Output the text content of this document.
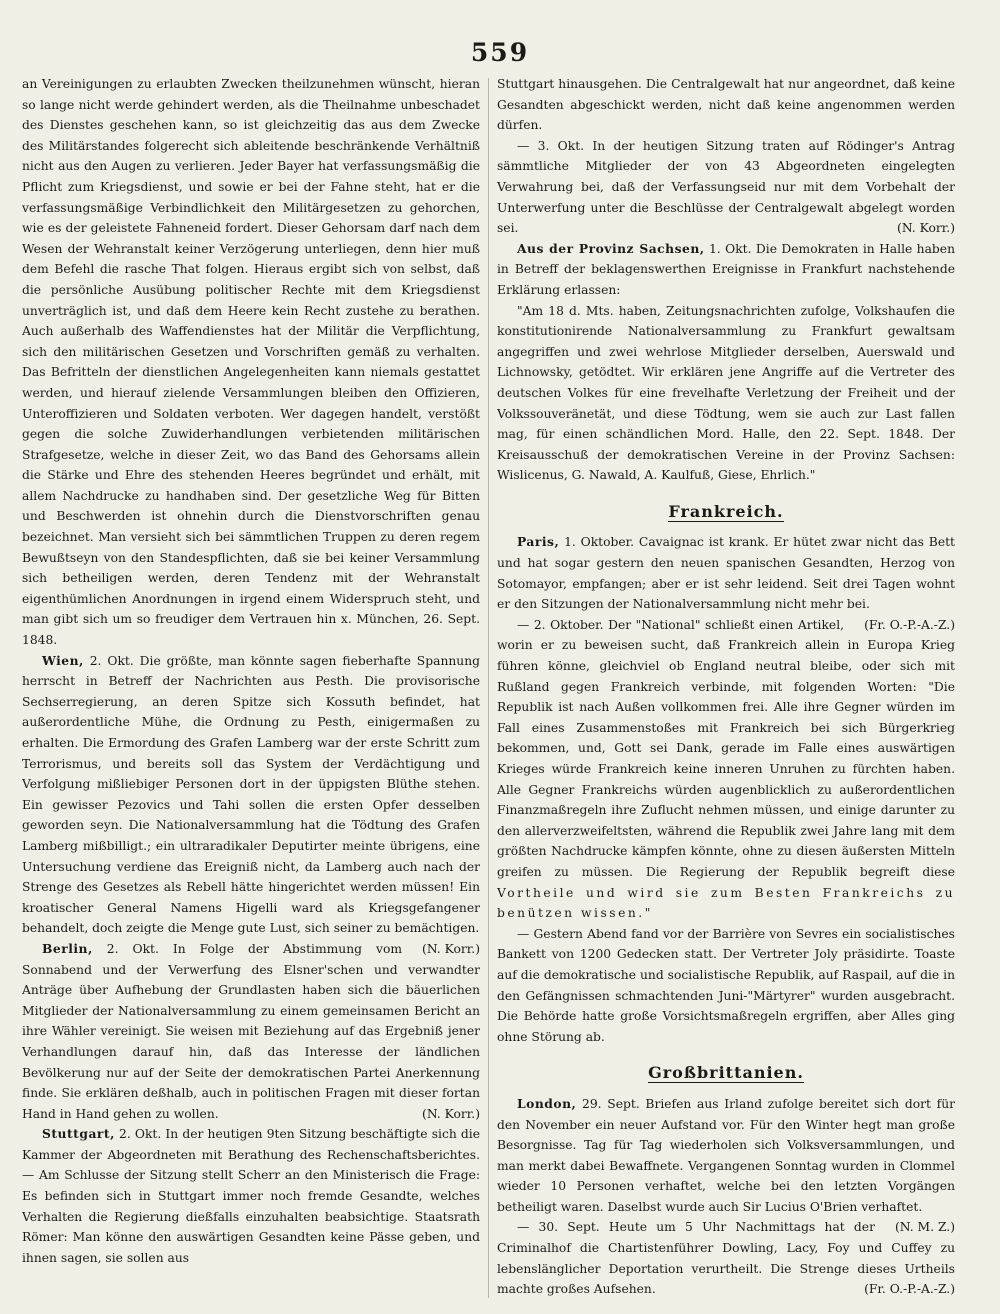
559

an Vereinigungen zu erlaubten Zwecken theilzunehmen wünscht, hieran so lange nicht werde gehindert werden, als die Theilnahme unbeschadet des Dienstes geschehen kann, so ist gleichzeitig das aus dem Zwecke des Militärstandes folgerecht sich ableitende beschränkende Verhältniß nicht aus den Augen zu verlieren. Jeder Bayer hat verfassungsmäßig die Pflicht zum Kriegsdienst, und sowie er bei der Fahne steht, hat er die verfassungsmäßige Verbindlichkeit den Militärgesetzen zu gehorchen, wie es der geleistete Fahneneid fordert. Dieser Gehorsam darf nach dem Wesen der Wehranstalt keiner Verzögerung unterliegen, denn hier muß dem Befehl die rasche That folgen. Hieraus ergibt sich von selbst, daß die persönliche Ausübung politischer Rechte mit dem Kriegsdienst unverträglich ist, und daß dem Heere kein Recht zustehe zu berathen. Auch außerhalb des Waffendienstes hat der Militär die Verpflichtung, sich den militärischen Gesetzen und Vorschriften gemäß zu verhalten. Das Befritteln der dienstlichen Angelegenheiten kann niemals gestattet werden, und hierauf zielende Versammlungen bleiben den Offizieren, Unteroffizieren und Soldaten verboten. Wer dagegen handelt, verstößt gegen die solche Zuwiderhandlungen verbietenden militärischen Strafgesetze, welche in dieser Zeit, wo das Band des Gehorsams allein die Stärke und Ehre des stehenden Heeres begründet und erhält, mit allem Nachdrucke zu handhaben sind. Der gesetzliche Weg für Bitten und Beschwerden ist ohnehin durch die Dienstvorschriften genau bezeichnet. Man versieht sich bei sämmtlichen Truppen zu deren regem Bewußtseyn von den Standespflichten, daß sie bei keiner Versammlung sich betheiligen werden, deren Tendenz mit der Wehranstalt eigenthümlichen Anordnungen in irgend einem Widerspruch steht, und man gibt sich um so freudiger dem Vertrauen hin x. München, 26. Sept. 1848.

Wien, 2. Okt. Die größte, man könnte sagen fieberhafte Spannung herrscht in Betreff der Nachrichten aus Pesth. Die provisorische Sechserregierung, an deren Spitze sich Kossuth befindet, hat außerordentliche Mühe, die Ordnung zu Pesth, einigermaßen zu erhalten. Die Ermordung des Grafen Lamberg war der erste Schritt zum Terrorismus, und bereits soll das System der Verdächtigung und Verfolgung mißliebiger Personen dort in der üppigsten Blüthe stehen. Ein gewisser Pezovics und Tahi sollen die ersten Opfer desselben geworden seyn. Die Nationalversammlung hat die Tödtung des Grafen Lamberg mißbilligt.; ein ultraradikaler Deputirter meinte übrigens, eine Untersuchung verdiene das Ereigniß nicht, da Lamberg auch nach der Strenge des Gesetzes als Rebell hätte hingerichtet werden müssen! Ein kroatischer General Namens Higelli ward als Kriegsgefangener behandelt, doch zeigte die Menge gute Lust, sich seiner zu bemächtigen.
(N. Korr.)

Berlin, 2. Okt. In Folge der Abstimmung vom Sonnabend und der Verwerfung des Elsner'schen und verwandter Anträge über Aufhebung der Grundlasten haben sich die bäuerlichen Mitglieder der Nationalversammlung zu einem gemeinsamen Bericht an ihre Wähler vereinigt. Sie weisen mit Beziehung auf das Ergebniß jener Verhandlungen darauf hin, daß das Interesse der ländlichen Bevölkerung nur auf der Seite der demokratischen Partei Anerkennung finde. Sie erklären deßhalb, auch in politischen Fragen mit dieser fortan Hand in Hand gehen zu wollen.	(N. Korr.)

Stuttgart, 2. Okt. In der heutigen 9ten Sitzung beschäftigte sich die Kammer der Abgeordneten mit Berathung des Rechenschaftsberichtes. — Am Schlusse der Sitzung stellt Scherr an den Ministerisch die Frage: Es befinden sich in Stuttgart immer noch fremde Gesandte, welches Verhalten die Regierung dießfalls einzuhalten beabsichtige. Staatsrath Römer: Man könne den auswärtigen Gesandten keine Pässe geben, und ihnen sagen, sie sollen aus

Stuttgart hinausgehen. Die Centralgewalt hat nur angeordnet, daß keine Gesandten abgeschickt werden, nicht daß keine angenommen werden dürfen.

— 3. Okt. In der heutigen Sitzung traten auf Rödinger's Antrag sämmtliche Mitglieder der von 43 Abgeordneten eingelegten Verwahrung bei, daß der Verfassungseid nur mit dem Vorbehalt der Unterwerfung unter die Beschlüsse der Centralgewalt abgelegt worden sei.	(N. Korr.)

Aus der Provinz Sachsen, 1. Okt. Die Demokraten in Halle haben in Betreff der beklagenswerthen Ereignisse in Frankfurt nachstehende Erklärung erlassen:

"Am 18 d. Mts. haben, Zeitungsnachrichten zufolge, Volkshaufen die konstitutionirende Nationalversammlung zu Frankfurt gewaltsam angegriffen und zwei wehrlose Mitglieder derselben, Auerswald und Lichnowsky, getödtet. Wir erklären jene Angriffe auf die Vertreter des deutschen Volkes für eine frevelhafte Verletzung der Freiheit und der Volkssouveränetät, und diese Tödtung, wem sie auch zur Last fallen mag, für einen schändlichen Mord. Halle, den 22. Sept. 1848. Der Kreisausschuß der demokratischen Vereine in der Provinz Sachsen: Wislicenus, G. Nawald, A. Kaulfuß, Giese, Ehrlich."

Frankreich.

Paris, 1. Oktober. Cavaignac ist krank. Er hütet zwar nicht das Bett und hat sogar gestern den neuen spanischen Gesandten, Herzog von Sotomayor, empfangen; aber er ist sehr leidend. Seit drei Tagen wohnt er den Sitzungen der Nationalversammlung nicht mehr bei.
(Fr. O.-P.-A.-Z.)

— 2. Oktober. Der "National" schließt einen Artikel, worin er zu beweisen sucht, daß Frankreich allein in Europa Krieg führen könne, gleichviel ob England neutral bleibe, oder sich mit Rußland gegen Frankreich verbinde, mit folgenden Worten: "Die Republik ist nach Außen vollkommen frei. Alle ihre Gegner würden im Fall eines Zusammenstoßes mit Frankreich bei sich Bürgerkrieg bekommen, und, Gott sei Dank, gerade im Falle eines auswärtigen Krieges würde Frankreich keine inneren Unruhen zu fürchten haben. Alle Gegner Frankreichs würden augenblicklich zu außerordentlichen Finanzmaßregeln ihre Zuflucht nehmen müssen, und einige darunter zu den allerverzweifeltsten, während die Republik zwei Jahre lang mit dem größten Nachdrucke kämpfen könnte, ohne zu diesen äußersten Mitteln greifen zu müssen. Die Regierung der Republik begreift diese Vortheile und wird sie zum Besten Frankreichs zu benützen wissen."

— Gestern Abend fand vor der Barrière von Sevres ein socialistisches Bankett von 1200 Gedecken statt. Der Vertreter Joly präsidirte. Toaste auf die demokratische und socialistische Republik, auf Raspail, auf die in den Gefängnissen schmachtenden Juni-"Märtyrer" wurden ausgebracht. Die Behörde hatte große Vorsichtsmaßregeln ergriffen, aber Alles ging ohne Störung ab.

Großbrittanien.

London, 29. Sept. Briefen aus Irland zufolge bereitet sich dort für den November ein neuer Aufstand vor. Für den Winter hegt man große Besorgnisse. Tag für Tag wiederholen sich Volksversammlungen, und man merkt dabei Bewaffnete. Vergangenen Sonntag wurden in Clommel wieder 10 Personen verhaftet, welche bei den letzten Vorgängen betheiligt waren. Daselbst wurde auch Sir Lucius O'Brien verhaftet.
(N. M. Z.)

— 30. Sept. Heute um 5 Uhr Nachmittags hat der Criminalhof die Chartistenführer Dowling, Lacy, Foy und Cuffey zu lebenslänglicher Deportation verurtheilt. Die Strenge dieses Urtheils machte großes Aufsehen.	(Fr. O.-P.-A.-Z.)
